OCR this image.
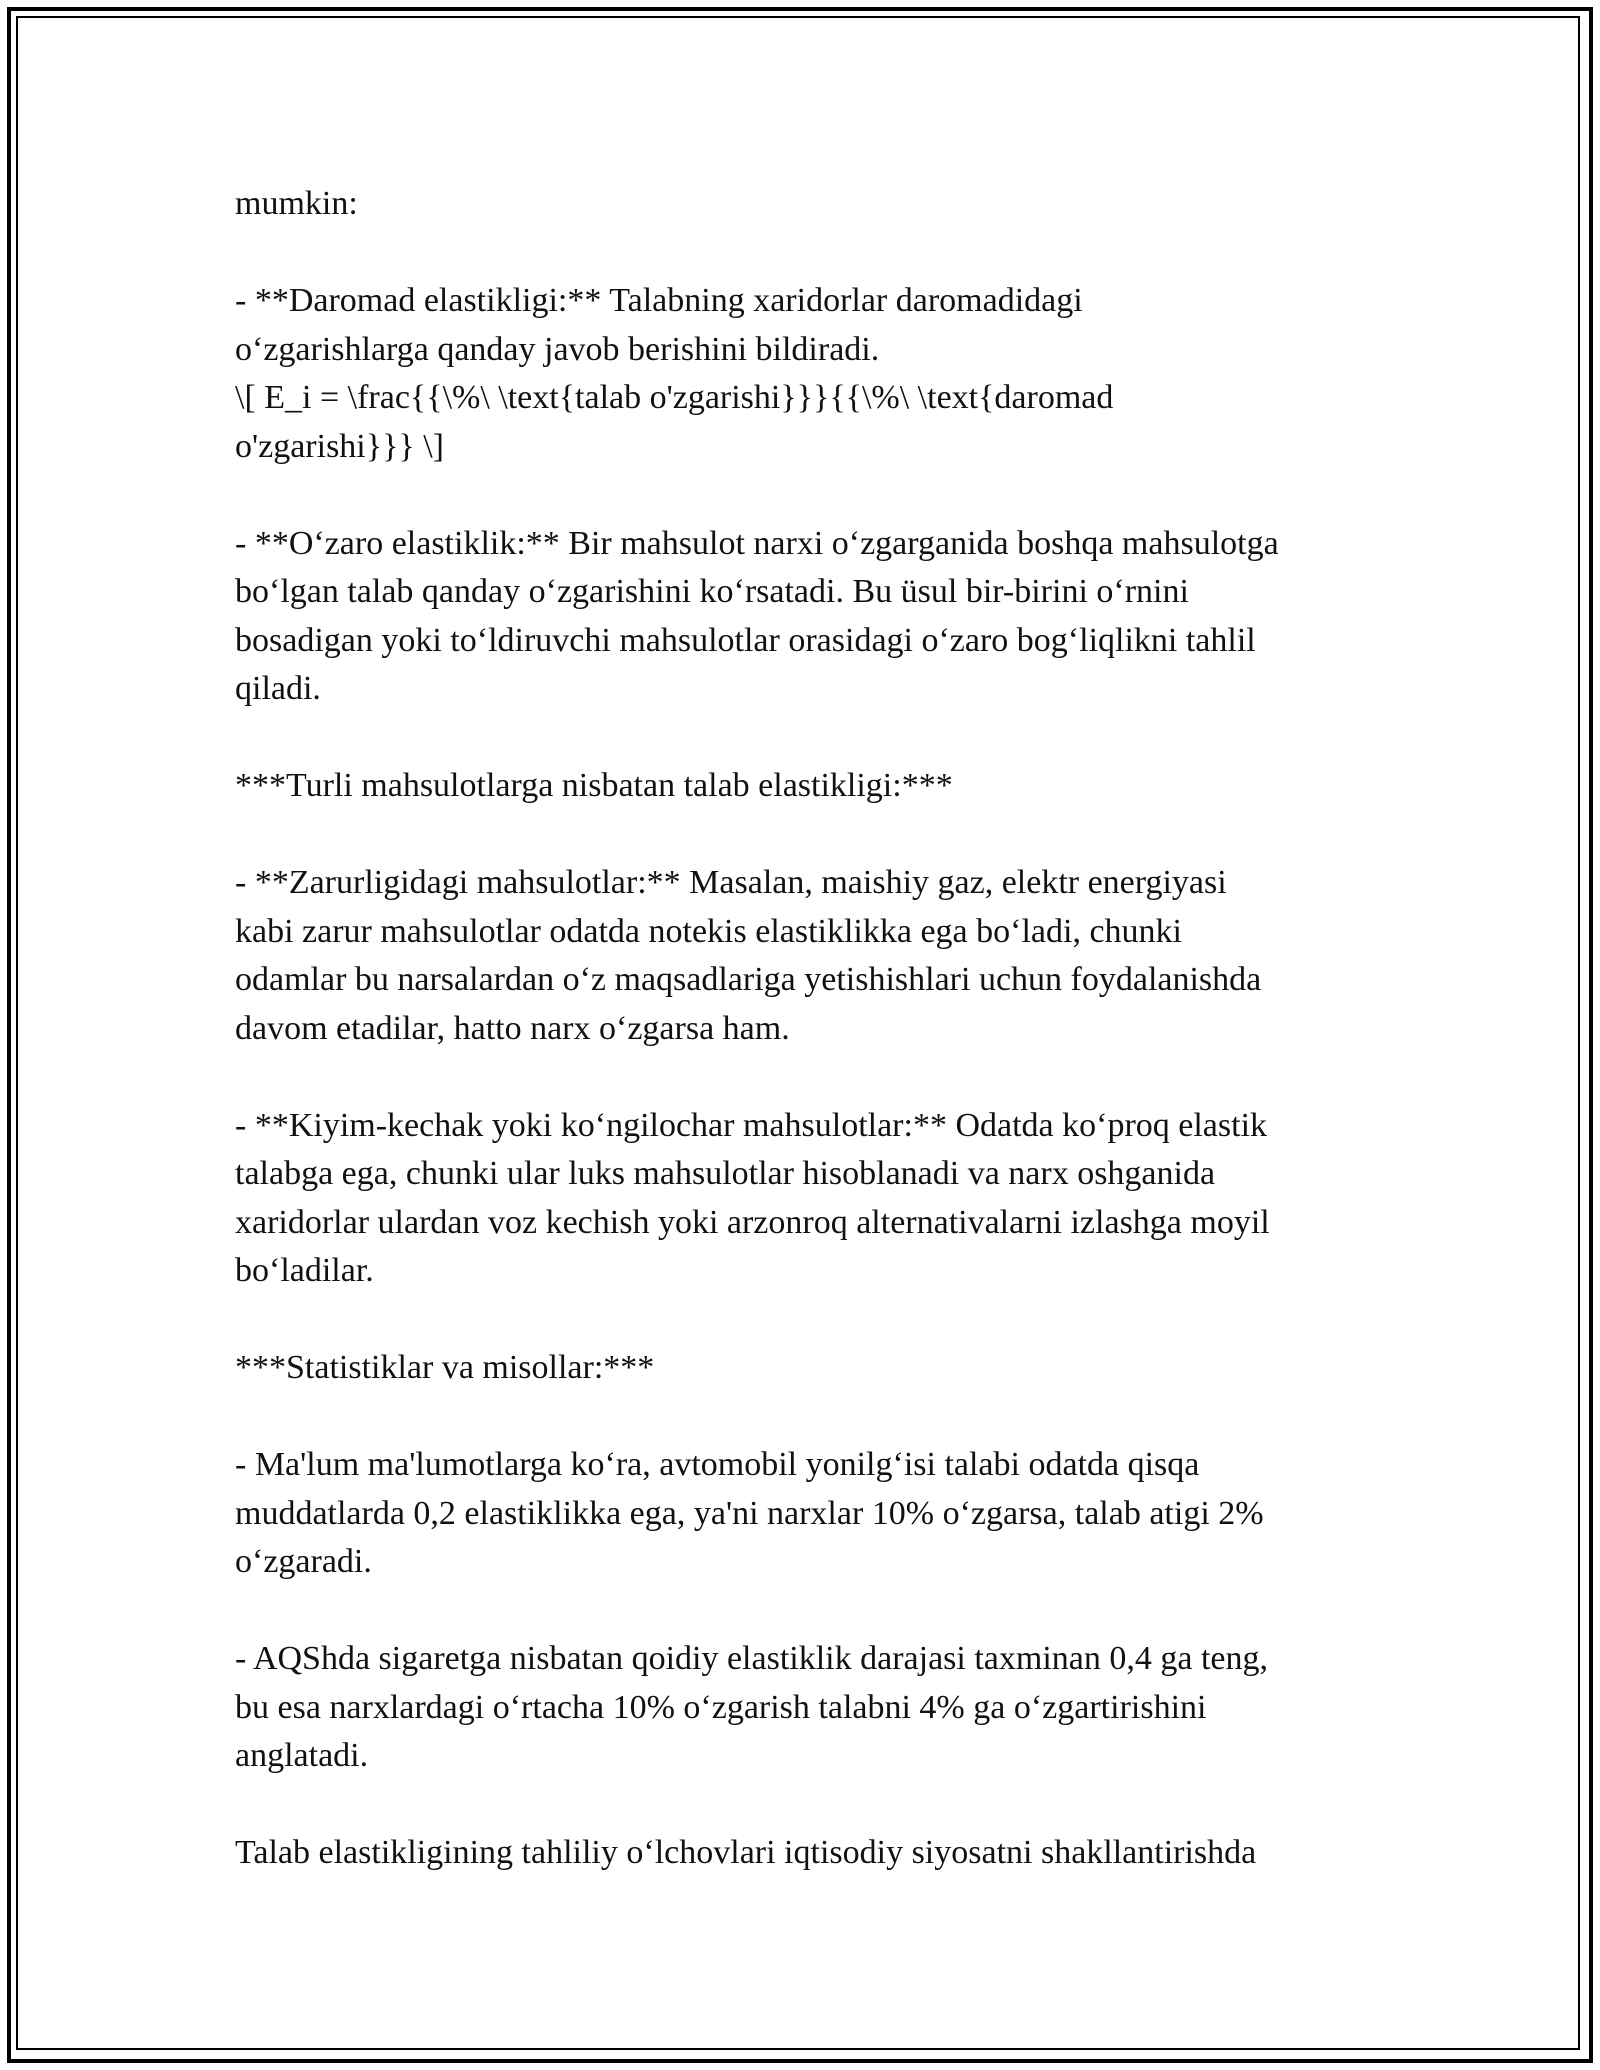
mumkin:

- **Daromad elastikligi:** Talabning xaridorlar daromadidagi
o‘zgarishlarga qanday javob berishini bildiradi.
\[ E_i = \frac{{\%\ \text{talab o'zgarishi}}}{{\%\ \text{daromad
o'zgarishi}}} \]

- **O‘zaro elastiklik:** Bir mahsulot narxi o‘zgarganida boshqa mahsulotga
bo‘lgan talab qanday o‘zgarishini ko‘rsatadi. Bu üsul bir-birini o‘rnini
bosadigan yoki to‘ldiruvchi mahsulotlar orasidagi o‘zaro bog‘liqlikni tahlil
qiladi.

***Turli mahsulotlarga nisbatan talab elastikligi:***

- **Zarurligidagi mahsulotlar:** Masalan, maishiy gaz, elektr energiyasi
kabi zarur mahsulotlar odatda notekis elastiklikka ega bo‘ladi, chunki
odamlar bu narsalardan o‘z maqsadlariga yetishishlari uchun foydalanishda
davom etadilar, hatto narx o‘zgarsa ham.

- **Kiyim-kechak yoki ko‘ngilochar mahsulotlar:** Odatda ko‘proq elastik
talabga ega, chunki ular luks mahsulotlar hisoblanadi va narx oshganida
xaridorlar ulardan voz kechish yoki arzonroq alternativalarni izlashga moyil
bo‘ladilar.

***Statistiklar va misollar:***

- Ma'lum ma'lumotlarga ko‘ra, avtomobil yonilg‘isi talabi odatda qisqa
muddatlarda 0,2 elastiklikka ega, ya'ni narxlar 10% o‘zgarsa, talab atigi 2%
o‘zgaradi.

- AQShda sigaretga nisbatan qoidiy elastiklik darajasi taxminan 0,4 ga teng,
bu esa narxlardagi o‘rtacha 10% o‘zgarish talabni 4% ga o‘zgartirishini
anglatadi.

Talab elastikligining tahliliy o‘lchovlari iqtisodiy siyosatni shakllantirishda
